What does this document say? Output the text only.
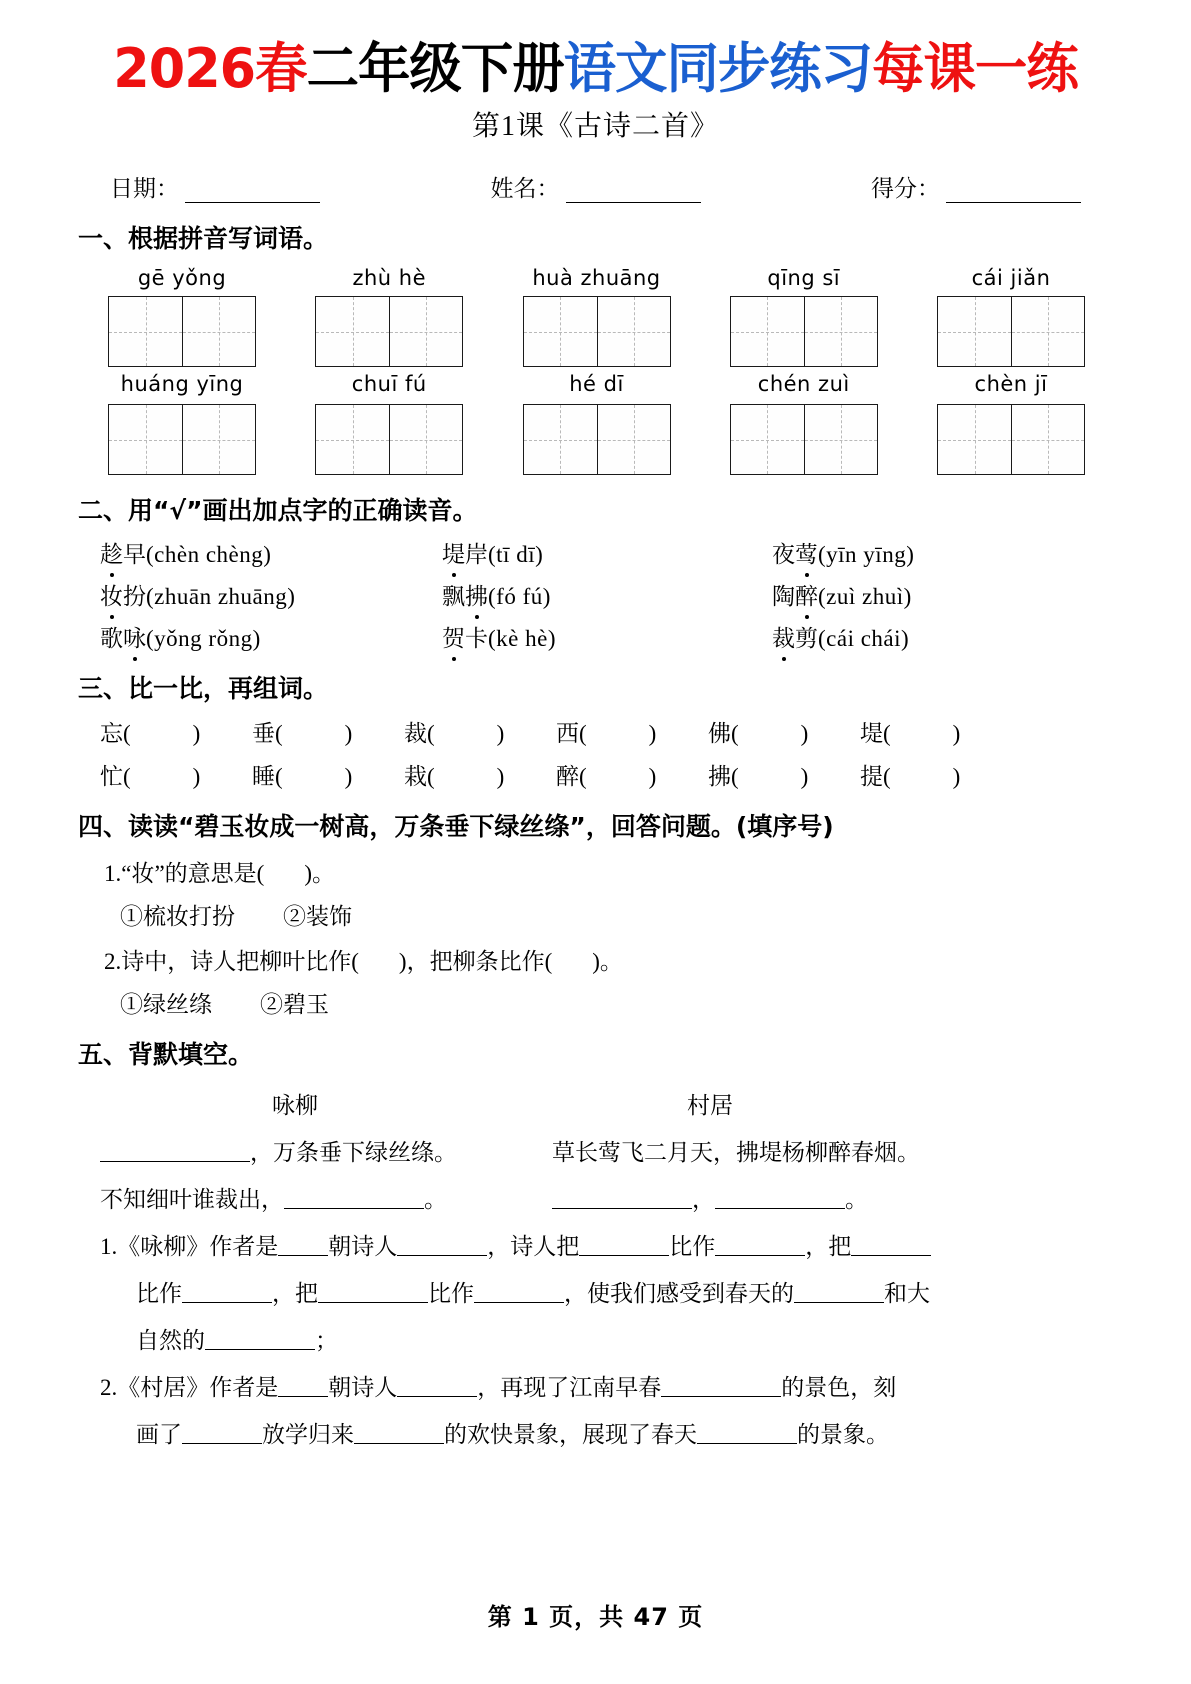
2026春二年级下册语文同步练习每课一练
第1课《古诗二首》
日期：	姓名：	得分：
一、根据拼音写词语。
gē yǒng	zhù hè	huà zhuāng	qīng sī	cái jiǎn
huáng yīng	chuī fú	hé dī	chén zuì	chèn jī
二、用“√”画出加点字的正确读音。
趁早(chèn chèng)	堤岸(tī dī)	夜莺(yīn yīng)
妆扮(zhuān zhuāng)	飘拂(fó fú)	陶醉(zuì zhuì)
歌咏(yǒng rǒng)	贺卡(kè hè)	裁剪(cái chái)
三、比一比，再组词。
忘(	)	垂(	)	裁(	)	西(	)	佛(	)	堤(	)
忙(	)	睡(	)	栽(	)	醉(	)	拂(	)	提(	)
四、读读“碧玉妆成一树高，万条垂下绿丝绦”，回答问题。(填序号)
1.“妆”的意思是( )。
①梳妆打扮 ②装饰
2.诗中，诗人把柳叶比作( )，把柳条比作( )。
①绿丝绦 ②碧玉
五、背默填空。
咏柳	村居
，万条垂下绿丝绦。	草长莺飞二月天，拂堤杨柳醉春烟。
不知细叶谁裁出，	。	，	。
1.《咏柳》作者是 朝诗人	，诗人把	比作	，把
比作	，把	比作	，使我们感受到春天的	和大
自然的	；
2.《村居》作者是 朝诗人	，再现了江南早春	的景色，刻
画了	放学归来	的欢快景象，展现了春天	的景象。
第 1 页，共 47 页
